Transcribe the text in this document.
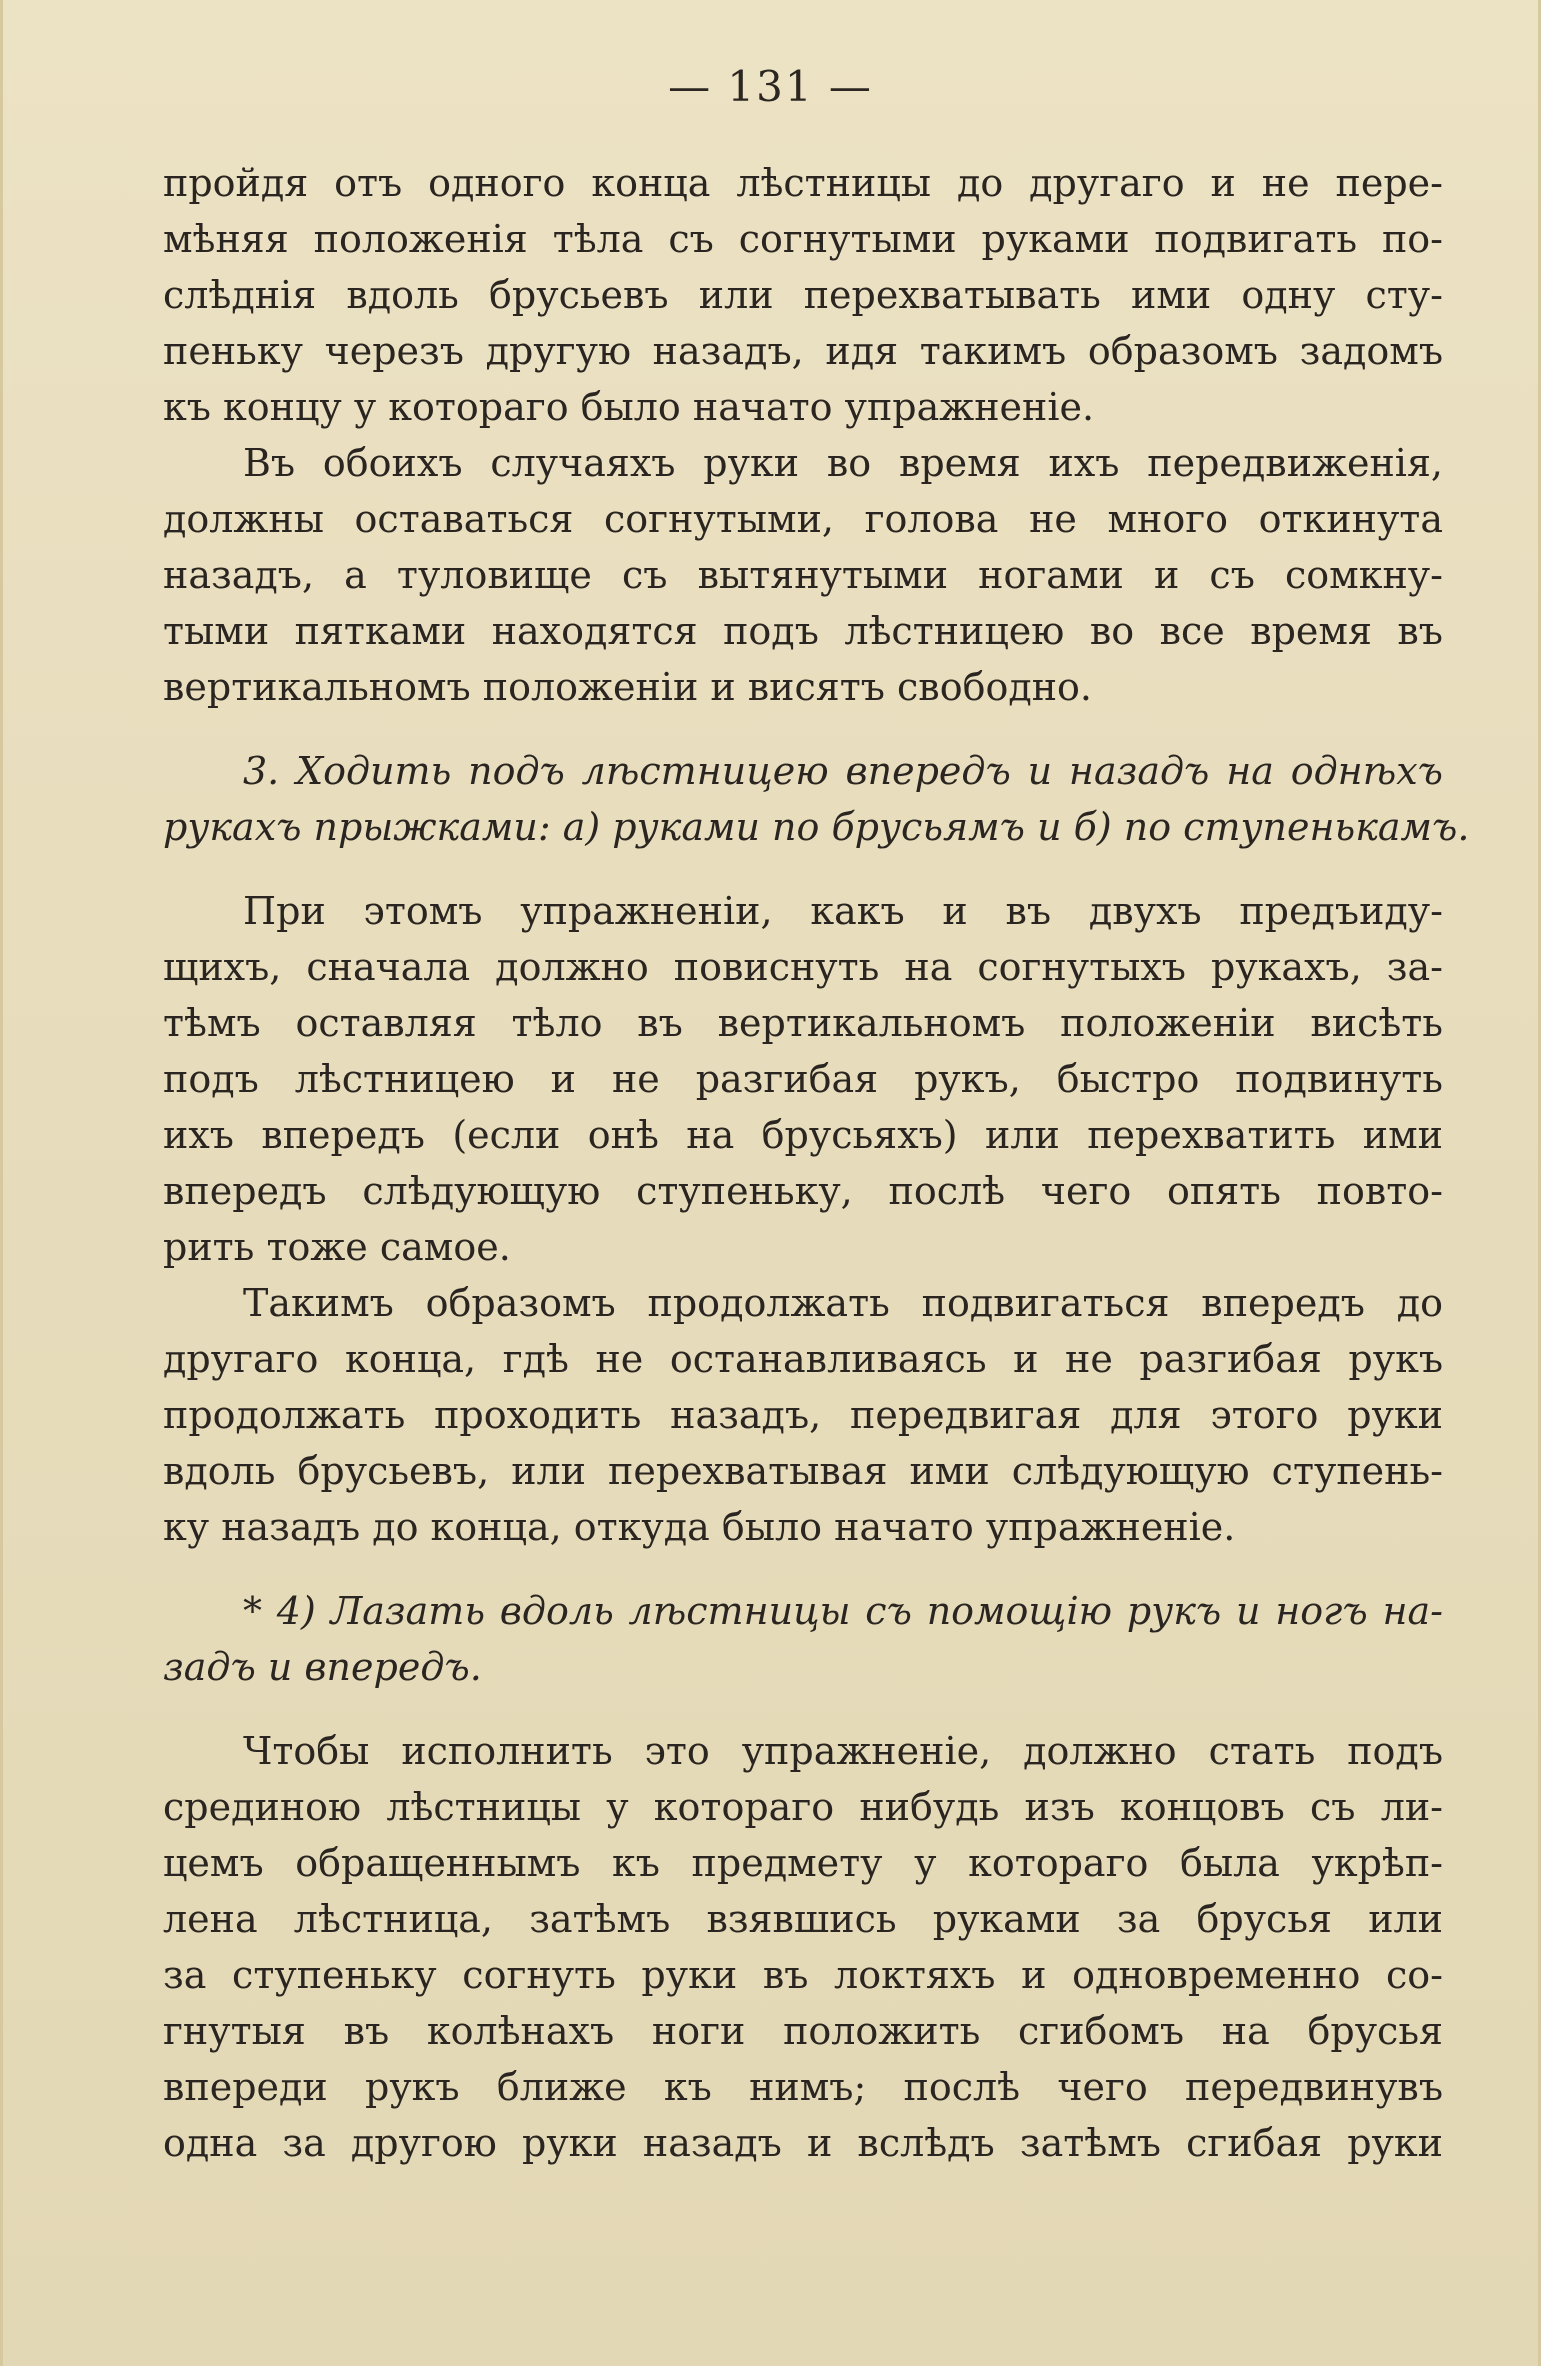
— 131 —
пройдя отъ одного конца лѣстницы до другаго и не пере-
мѣняя положенія тѣла съ согнутыми руками подвигать по-
слѣднія вдоль брусьевъ или перехватывать ими одну сту-
пеньку черезъ другую назадъ, идя такимъ образомъ задомъ
къ концу у котораго было начато упражненіе.
Въ обоихъ случаяхъ руки во время ихъ передвиженія,
должны оставаться согнутыми, голова не много откинута
назадъ, а туловище съ вытянутыми ногами и съ сомкну-
тыми пятками находятся подъ лѣстницею во все время въ
вертикальномъ положеніи и висятъ свободно.
3. Ходить подъ лѣстницею впередъ и назадъ на однѣхъ
рукахъ прыжками: а) руками по брусьямъ и б) по ступенькамъ.
При этомъ упражненіи, какъ и въ двухъ предъиду-
щихъ, сначала должно повиснуть на согнутыхъ рукахъ, за-
тѣмъ оставляя тѣло въ вертикальномъ положеніи висѣть
подъ лѣстницею и не разгибая рукъ, быстро подвинуть
ихъ впередъ (если онѣ на брусьяхъ) или перехватить ими
впередъ слѣдующую ступеньку, послѣ чего опять повто-
рить тоже самое.
Такимъ образомъ продолжать подвигаться впередъ до
другаго конца, гдѣ не останавливаясь и не разгибая рукъ
продолжать проходить назадъ, передвигая для этого руки
вдоль брусьевъ, или перехватывая ими слѣдующую ступень-
ку назадъ до конца, откуда было начато упражненіе.
* 4) Лазать вдоль лѣстницы съ помощію рукъ и ногъ на-
задъ и впередъ.
Чтобы исполнить это упражненіе, должно стать подъ
срединою лѣстницы у котораго нибудь изъ концовъ съ ли-
цемъ обращеннымъ къ предмету у котораго была укрѣп-
лена лѣстница, затѣмъ взявшись руками за брусья или
за ступеньку согнуть руки въ локтяхъ и одновременно со-
гнутыя въ колѣнахъ ноги положить сгибомъ на брусья
впереди рукъ ближе къ нимъ; послѣ чего передвинувъ
одна за другою руки назадъ и вслѣдъ затѣмъ сгибая руки
